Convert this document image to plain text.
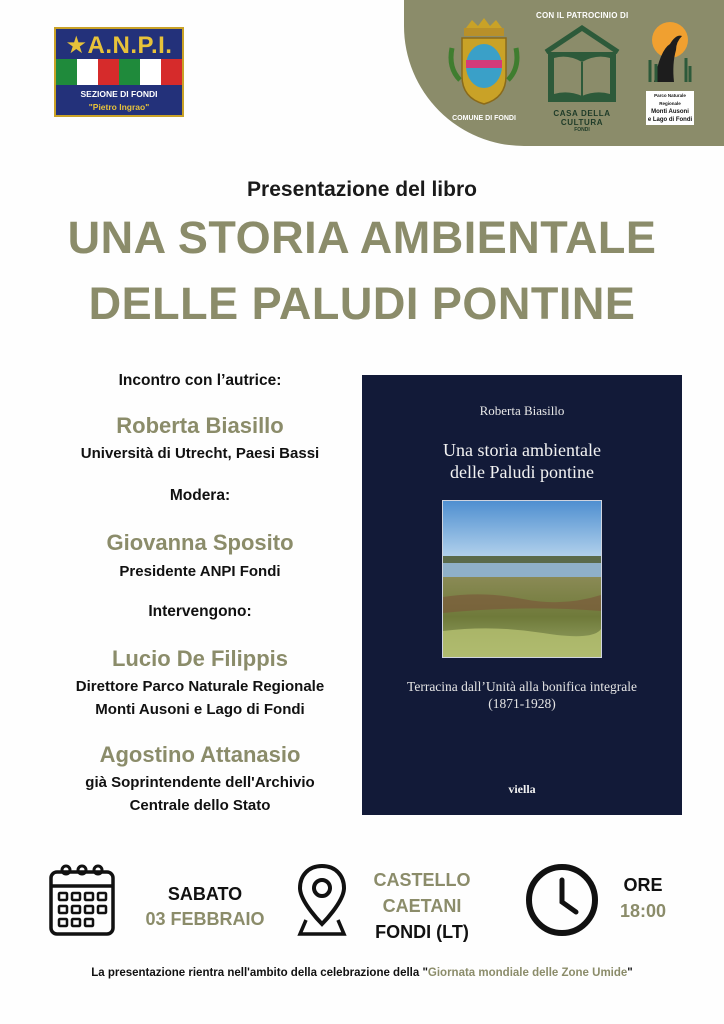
★A.N.P.I.
SEZIONE DI FONDI
"Pietro Ingrao"
CON IL PATROCINIO DI
COMUNE DI FONDI
CASA DELLA CULTURA
FONDI
Parco Naturale Regionale
Monti Ausoni
e Lago di Fondi
Presentazione del libro
UNA STORIA AMBIENTALE
DELLE PALUDI PONTINE
Incontro con l’autrice:
Roberta Biasillo
Università di Utrecht, Paesi Bassi
Modera:
Giovanna Sposito
Presidente ANPI Fondi
Intervengono:
Lucio De Filippis
Direttore Parco Naturale Regionale
Monti Ausoni e Lago di Fondi
Agostino Attanasio
già Soprintendente dell'Archivio
Centrale dello Stato
Roberta Biasillo
Una storia ambientale
delle Paludi pontine
Terracina dall’Unità alla bonifica integrale
(1871-1928)
viella
SABATO
03 FEBBRAIO
CASTELLO
CAETANI
FONDI (LT)
ORE
18:00
La presentazione rientra nell'ambito della celebrazione della "Giornata mondiale delle Zone Umide"
